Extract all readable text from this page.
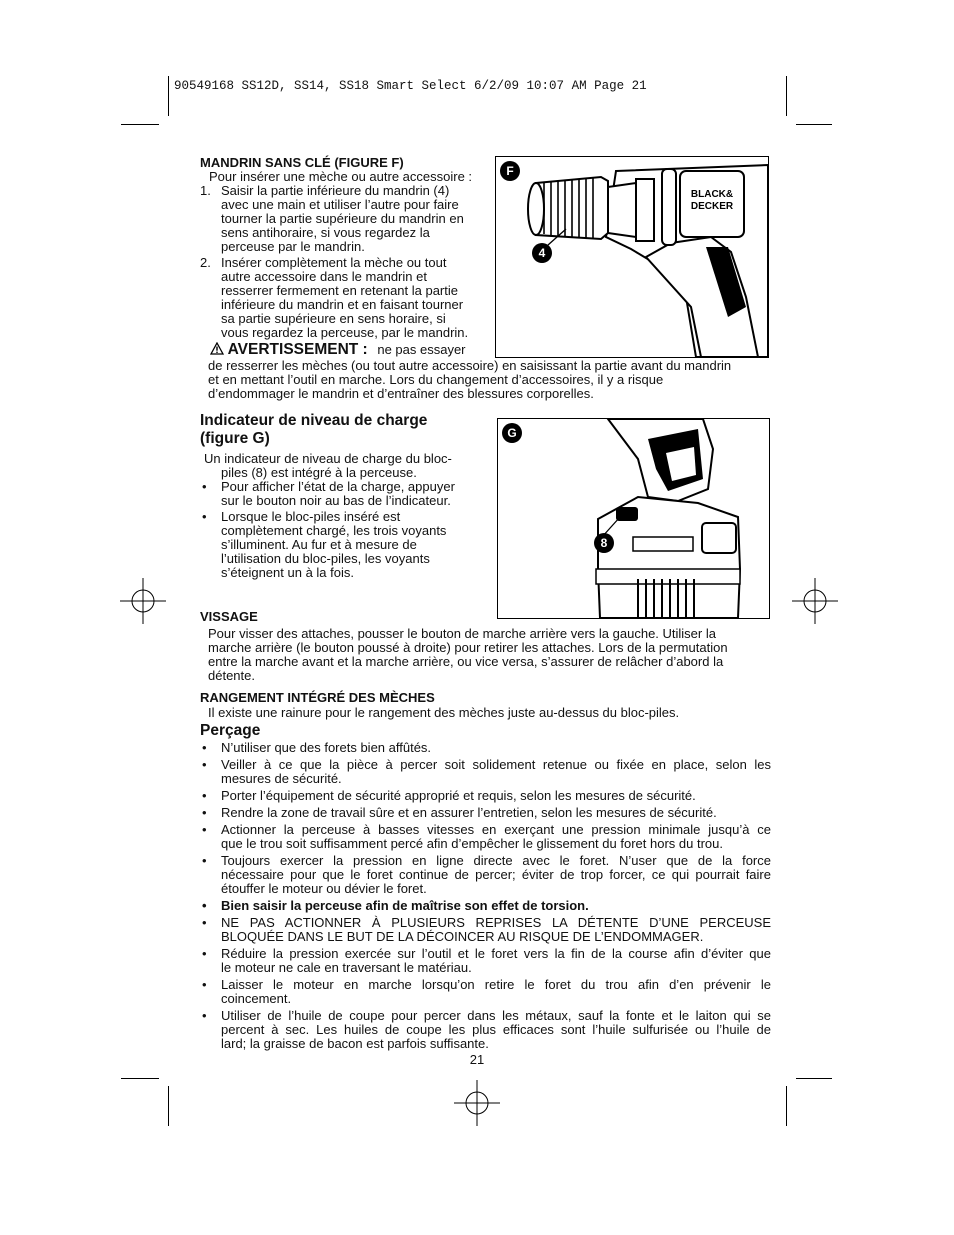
90549168 SS12D, SS14, SS18 Smart Select 6/2/09 10:07 AM Page 21
MANDRIN SANS CLÉ (FIGURE F)
Pour insérer une mèche ou autre accessoire :
1. Saisir la partie inférieure du mandrin (4)
avec une main et utiliser l’autre pour faire
tourner la partie supérieure du mandrin en
sens antihoraire, si vous regardez la
perceuse par le mandrin.
2. Insérer complètement la mèche ou tout
autre accessoire dans le mandrin et
resserrer fermement en retenant la partie
inférieure du mandrin et en faisant tourner
sa partie supérieure en sens horaire, si
vous regardez la perceuse, par le mandrin.
AVERTISSEMENT : ne pas essayer
de resserrer les mèches (ou tout autre accessoire) en saisissant la partie avant du mandrin
et en mettant l’outil en marche. Lors du changement d’accessoires, il y a risque
d’endommager le mandrin et d’entraîner des blessures corporelles.
BLACK&
DECKER
F
4
Indicateur de niveau de charge
(figure G)
Un indicateur de niveau de charge du bloc-
piles (8) est intégré à la perceuse.
• Pour afficher l’état de la charge, appuyer
sur le bouton noir au bas de l’indicateur.
• Lorsque le bloc-piles inséré est
complètement chargé, les trois voyants
s’illuminent. Au fur et à mesure de
l’utilisation du bloc-piles, les voyants
s’éteignent un à la fois.
G
8
VISSAGE
Pour visser des attaches, pousser le bouton de marche arrière vers la gauche. Utiliser la
marche arrière (le bouton poussé à droite) pour retirer les attaches. Lors de la permutation
entre la marche avant et la marche arrière, ou vice versa, s’assurer de relâcher d’abord la
détente.
RANGEMENT INTÉGRÉ DES MÈCHES
Il existe une rainure pour le rangement des mèches juste au-dessus du bloc-piles.
Perçage
• N’utiliser que des forets bien affûtés.
• Veiller à ce que la pièce à percer soit solidement retenue ou fixée en place, selon les
mesures de sécurité.
• Porter l’équipement de sécurité approprié et requis, selon les mesures de sécurité.
• Rendre la zone de travail sûre et en assurer l’entretien, selon les mesures de sécurité.
• Actionner la perceuse à basses vitesses en exerçant une pression minimale jusqu’à ce
que le trou soit suffisamment percé afin d’empêcher le glissement du foret hors du trou.
• Toujours exercer la pression en ligne directe avec le foret. N’user que de la force
nécessaire pour que le foret continue de percer; éviter de trop forcer, ce qui pourrait faire
étouffer le moteur ou dévier le foret.
• Bien saisir la perceuse afin de maîtrise son effet de torsion.
• NE PAS ACTIONNER À PLUSIEURS REPRISES LA DÉTENTE D’UNE PERCEUSE
BLOQUÉE DANS LE BUT DE LA DÉCOINCER AU RISQUE DE L’ENDOMMAGER.
• Réduire la pression exercée sur l’outil et le foret vers la fin de la course afin d’éviter que
le moteur ne cale en traversant le matériau.
• Laisser le moteur en marche lorsqu’on retire le foret du trou afin d’en prévenir le
coincement.
• Utiliser de l’huile de coupe pour percer dans les métaux, sauf la fonte et le laiton qui se
percent à sec. Les huiles de coupe les plus efficaces sont l’huile sulfurisée ou l’huile de
lard; la graisse de bacon est parfois suffisante.
21
